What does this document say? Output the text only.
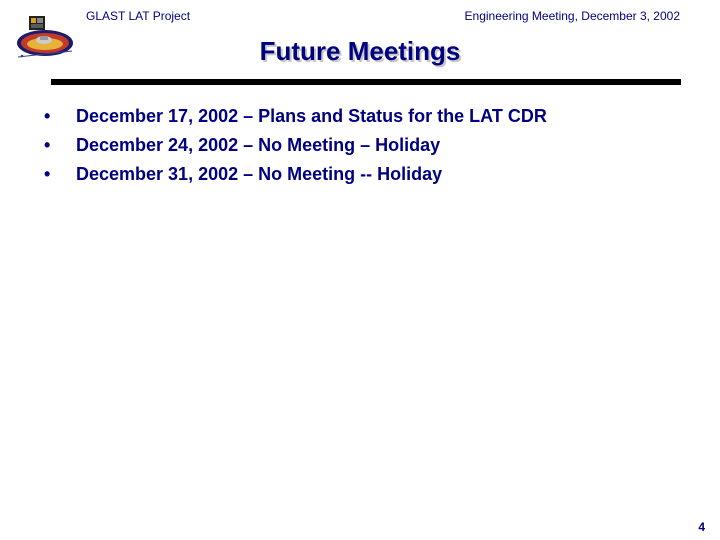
GLAST LAT Project	Engineering Meeting, December 3, 2002
Future Meetings
•	December 17, 2002 – Plans and Status for the LAT CDR
•	December 24, 2002 – No Meeting – Holiday
•	December 31, 2002 – No Meeting -- Holiday
4
